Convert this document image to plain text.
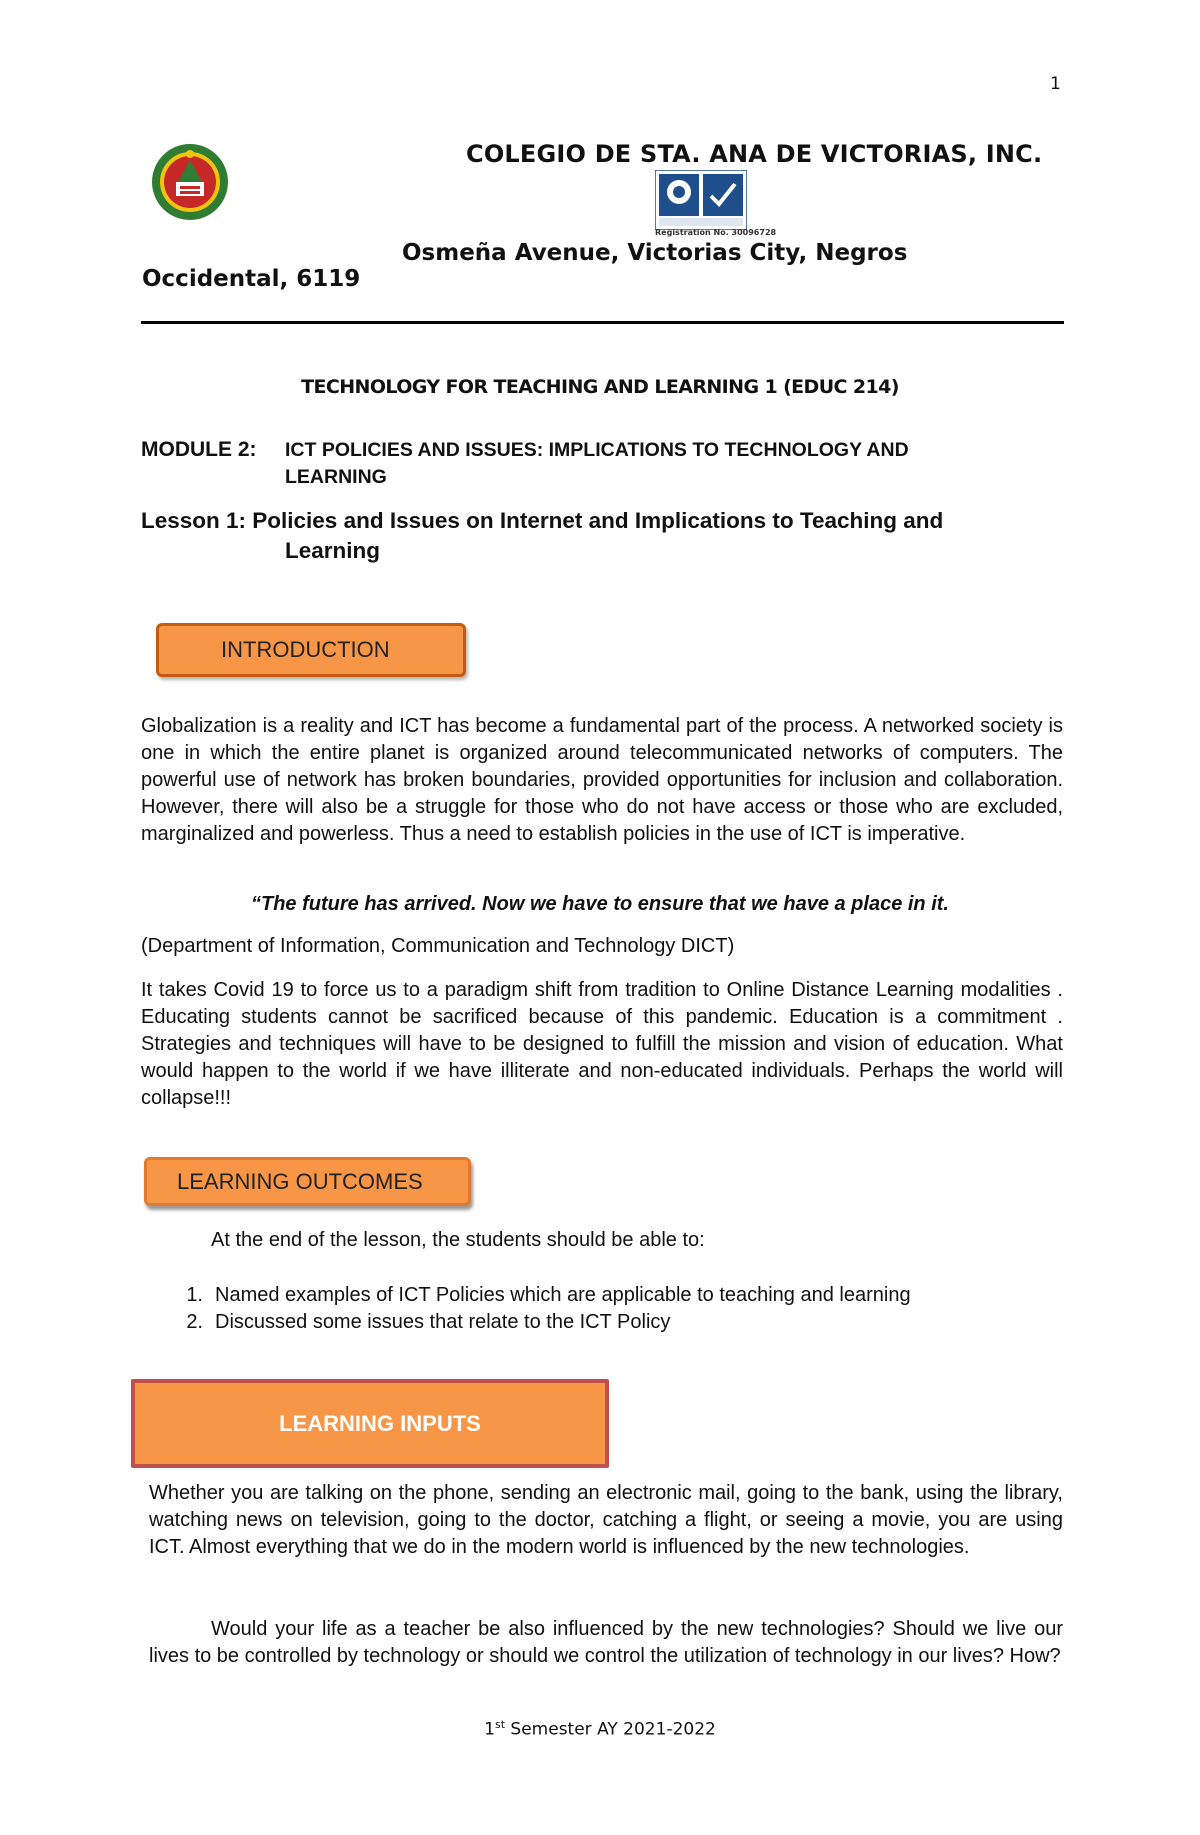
1
COLEGIO DE STA. ANA DE VICTORIAS, INC.
Registration No. 30096728
Osmeña Avenue, Victorias City, Negros
Occidental, 6119
TECHNOLOGY FOR TEACHING AND LEARNING 1 (EDUC 214)
MODULE 2: ICT POLICIES AND ISSUES: IMPLICATIONS TO TECHNOLOGY AND
LEARNING
Lesson 1: Policies and Issues on Internet and Implications to Teaching and
Learning
INTRODUCTION
Globalization is a reality and ICT has become a fundamental part of the process. A networked society is one in which the entire planet is organized around telecommunicated networks of computers. The powerful use of network has broken boundaries, provided opportunities for inclusion and collaboration. However, there will also be a struggle for those who do not have access or those who are excluded, marginalized and powerless. Thus a need to establish policies in the use of ICT is imperative.
“The future has arrived. Now we have to ensure that we have a place in it.
(Department of Information, Communication and Technology DICT)
It takes Covid 19 to force us to a paradigm shift from tradition to Online Distance Learning modalities . Educating students cannot be sacrificed because of this pandemic. Education is a commitment . Strategies and techniques will have to be designed to fulfill the mission and vision of education. What would happen to the world if we have illiterate and non-educated individuals. Perhaps the world will collapse!!!
LEARNING OUTCOMES
At the end of the lesson, the students should be able to:
1. Named examples of ICT Policies which are applicable to teaching and learning
2. Discussed some issues that relate to the ICT Policy
LEARNING INPUTS
Whether you are talking on the phone, sending an electronic mail, going to the bank, using the library, watching news on television, going to the doctor, catching a flight, or seeing a movie, you are using ICT. Almost everything that we do in the modern world is influenced by the new technologies.
Would your life as a teacher be also influenced by the new technologies? Should we live our lives to be controlled by technology or should we control the utilization of technology in our lives? How?
1st Semester AY 2021-2022
